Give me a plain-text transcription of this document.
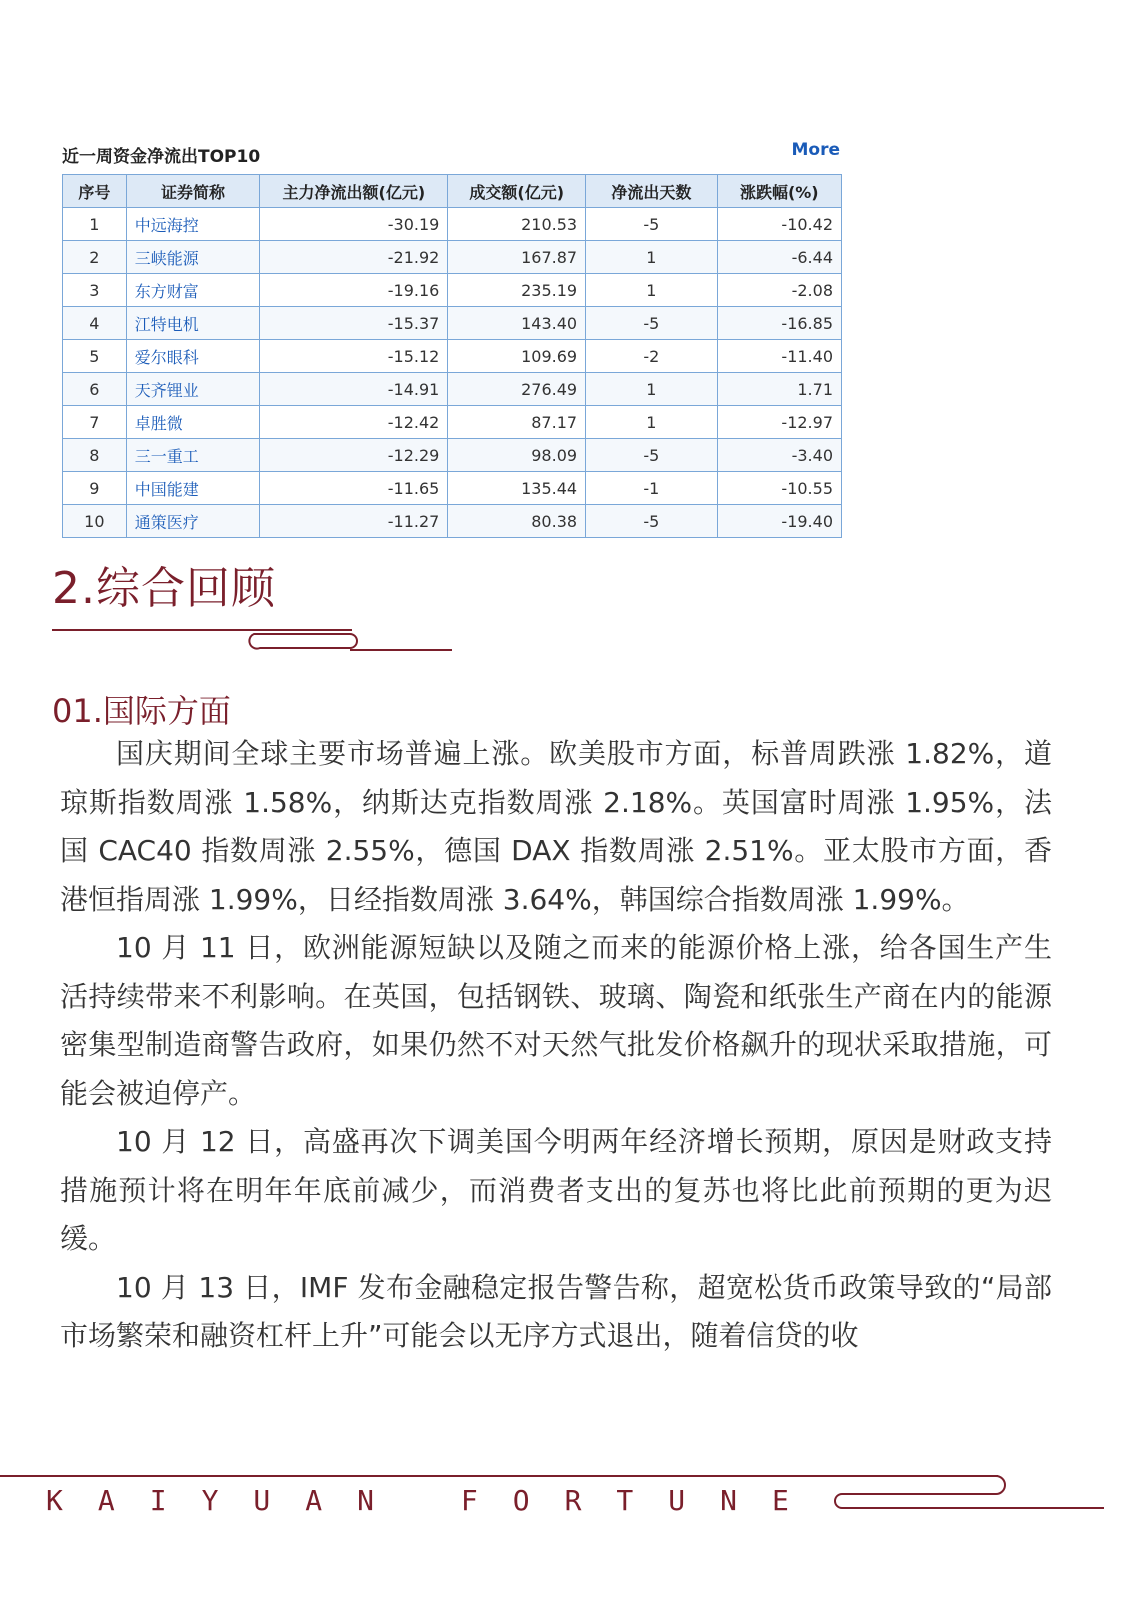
近一周资金净流出TOP10	More
序号	证券简称	主力净流出额(亿元)	成交额(亿元)	净流出天数	涨跌幅(%)
1	中远海控	-30.19	210.53	-5	-10.42
2	三峡能源	-21.92	167.87	1	-6.44
3	东方财富	-19.16	235.19	1	-2.08
4	江特电机	-15.37	143.40	-5	-16.85
5	爱尔眼科	-15.12	109.69	-2	-11.40
6	天齐锂业	-14.91	276.49	1	1.71
7	卓胜微	-12.42	87.17	1	-12.97
8	三一重工	-12.29	98.09	-5	-3.40
9	中国能建	-11.65	135.44	-1	-10.55
10	通策医疗	-11.27	80.38	-5	-19.40
2.综合回顾
01.国际方面

国庆期间全球主要市场普遍上涨。欧美股市方面，标普周跌涨 1.82%，道琼斯指数周涨 1.58%，纳斯达克指数周涨 2.18%。英国富时周涨 1.95%，法国 CAC40 指数周涨 2.55%，德国 DAX 指数周涨 2.51%。亚太股市方面，香港恒指周涨 1.99%，日经指数周涨 3.64%，韩国综合指数周涨 1.99%。

10 月 11 日，欧洲能源短缺以及随之而来的能源价格上涨，给各国生产生活持续带来不利影响。在英国，包括钢铁、玻璃、陶瓷和纸张生产商在内的能源密集型制造商警告政府，如果仍然不对天然气批发价格飙升的现状采取措施，可能会被迫停产。

10 月 12 日，高盛再次下调美国今明两年经济增长预期，原因是财政支持措施预计将在明年年底前减少，而消费者支出的复苏也将比此前预期的更为迟缓。

10 月 13 日，IMF 发布金融稳定报告警告称，超宽松货币政策导致的“局部市场繁荣和融资杠杆上升”可能会以无序方式退出，随着信贷的收

KAIYUAN FORTUNE
